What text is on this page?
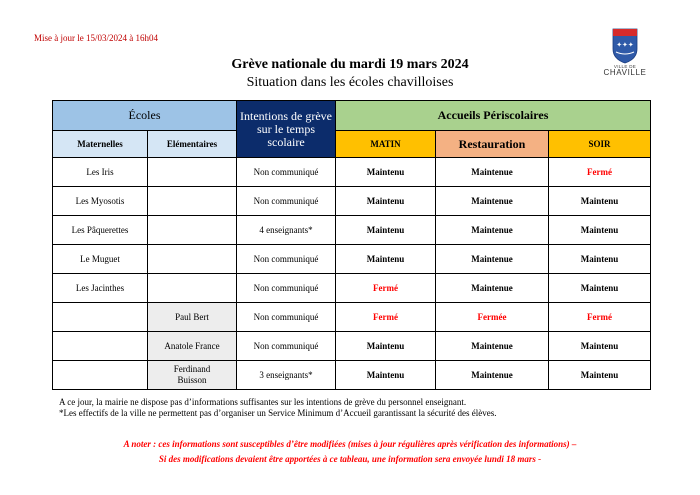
Mise à jour le 15/03/2024 à 16h04
✦✦✦
VILLE DE
CHAVILLE
Grève nationale du mardi 19 mars 2024
Situation dans les écoles chavilloises
Écoles		Intentions de grève sur le temps scolaire	Accueils Périscolaires		
Maternelles	Elémentaires		MATIN	Restauration	SOIR
Les Iris		Non communiqué	Maintenu	Maintenue	Fermé
Les Myosotis		Non communiqué	Maintenu	Maintenue	Maintenu
Les Pâquerettes		4 enseignants*	Maintenu	Maintenue	Maintenu
Le Muguet		Non communiqué	Maintenu	Maintenue	Maintenu
Les Jacinthes		Non communiqué	Fermé	Maintenue	Maintenu
	Paul Bert	Non communiqué	Fermé	Fermée	Fermé
	Anatole France	Non communiqué	Maintenu	Maintenue	Maintenu
	Ferdinand Buisson	3 enseignants*	Maintenu	Maintenue	Maintenu
A ce jour, la mairie ne dispose pas d’informations suffisantes sur les intentions de grève du personnel enseignant.
*Les effectifs de la ville ne permettent pas d’organiser un Service Minimum d’Accueil garantissant la sécurité des élèves.
A noter : ces informations sont susceptibles d’être modifiées (mises à jour régulières après vérification des informations) –
Si des modifications devaient être apportées à ce tableau, une information sera envoyée lundi 18 mars -
